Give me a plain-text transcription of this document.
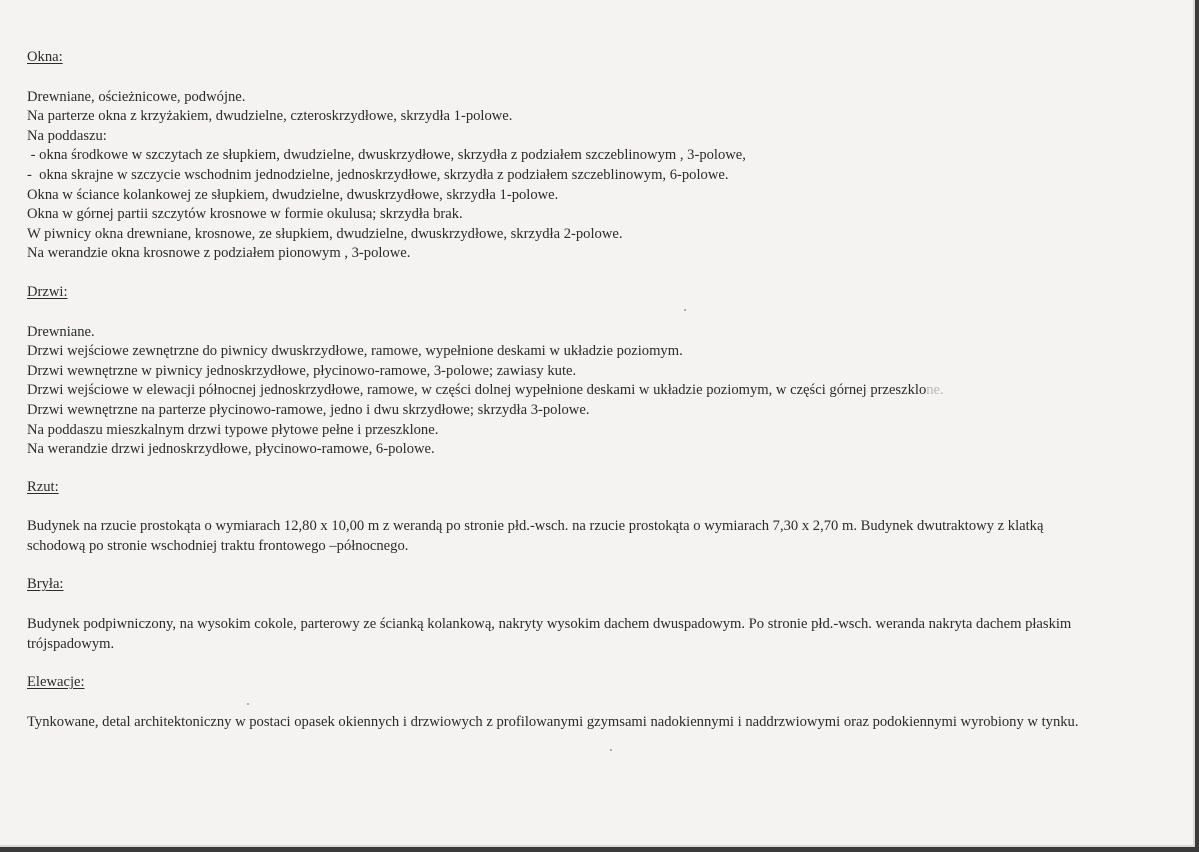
Okna:
Drewniane, ościeżnicowe, podwójne.
Na parterze okna z krzyżakiem, dwudzielne, czteroskrzydłowe, skrzydła 1-polowe.
Na poddaszu:
- okna środkowe w szczytach ze słupkiem, dwudzielne, dwuskrzydłowe, skrzydła z podziałem szczeblinowym , 3-polowe,
-  okna skrajne w szczycie wschodnim jednodzielne, jednoskrzydłowe, skrzydła z podziałem szczeblinowym, 6-polowe.
Okna w ściance kolankowej ze słupkiem, dwudzielne, dwuskrzydłowe, skrzydła 1-polowe.
Okna w górnej partii szczytów krosnowe w formie okulusa; skrzydła brak.
W piwnicy okna drewniane, krosnowe, ze słupkiem, dwudzielne, dwuskrzydłowe, skrzydła 2-polowe.
Na werandzie okna krosnowe z podziałem pionowym , 3-polowe.
Drzwi:
Drewniane.
Drzwi wejściowe zewnętrzne do piwnicy dwuskrzydłowe, ramowe, wypełnione deskami w układzie poziomym.
Drzwi wewnętrzne w piwnicy jednoskrzydłowe, płycinowo-ramowe, 3-polowe; zawiasy kute.
Drzwi wejściowe w elewacji północnej jednoskrzydłowe, ramowe, w części dolnej wypełnione deskami w układzie poziomym, w części górnej przeszklone.
Drzwi wewnętrzne na parterze płycinowo-ramowe, jedno i dwu skrzydłowe; skrzydła 3-polowe.
Na poddaszu mieszkalnym drzwi typowe płytowe pełne i przeszklone.
Na werandzie drzwi jednoskrzydłowe, płycinowo-ramowe, 6-polowe.
Rzut:
Budynek na rzucie prostokąta o wymiarach 12,80 x 10,00 m z werandą po stronie płd.-wsch. na rzucie prostokąta o wymiarach 7,30 x 2,70 m. Budynek dwutraktowy z klatką schodową po stronie wschodniej traktu frontowego –północnego.
Bryła:
Budynek podpiwniczony, na wysokim cokole, parterowy ze ścianką kolankową, nakryty wysokim dachem dwuspadowym. Po stronie płd.-wsch. weranda nakryta dachem płaskim trójspadowym.
Elewacje:
Tynkowane, detal architektoniczny w postaci opasek okiennych i drzwiowych z profilowanymi gzymsami nadokiennymi i naddrzwiowymi oraz podokiennymi wyrobiony w tynku.
